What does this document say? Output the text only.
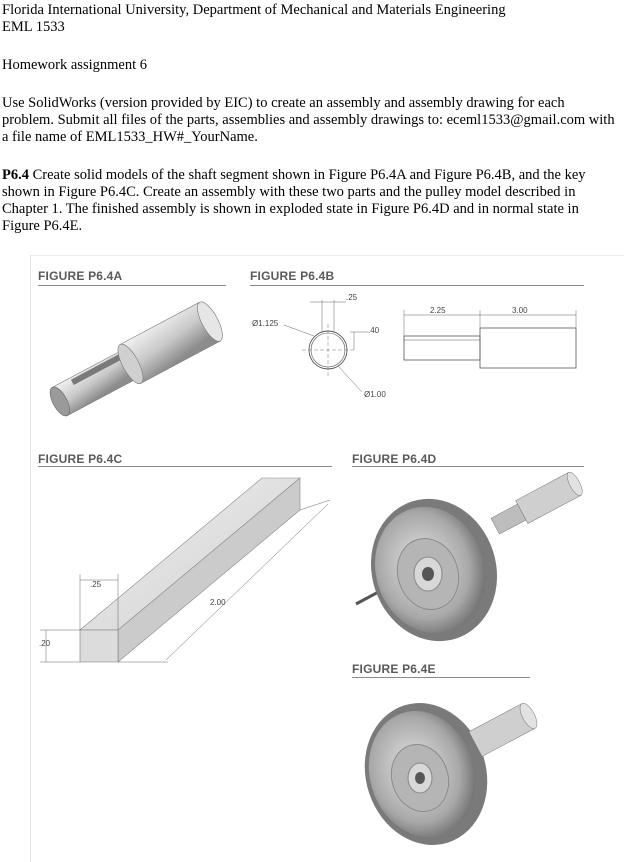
Florida International University, Department of Mechanical and Materials Engineering

EML 1533

Homework assignment 6

Use SolidWorks (version provided by EIC) to create an assembly and assembly drawing for each problem. Submit all files of the parts, assemblies and assembly drawings to: eceml1533@gmail.com with a file name of EML1533_HW#_YourName.

P6.4 Create solid models of the shaft segment shown in Figure P6.4A and Figure P6.4B, and the key shown in Figure P6.4C. Create an assembly with these two parts and the pulley model described in Chapter 1. The finished assembly is shown in exploded state in Figure P6.4D and in normal state in Figure P6.4E.

FIGURE P6.4A	FIGURE P6.4B
.25
Ø1.125
.40
Ø1.00
2.25	3.00
FIGURE P6.4C
.25
2.00
.20
FIGURE P6.4D
FIGURE P6.4E
